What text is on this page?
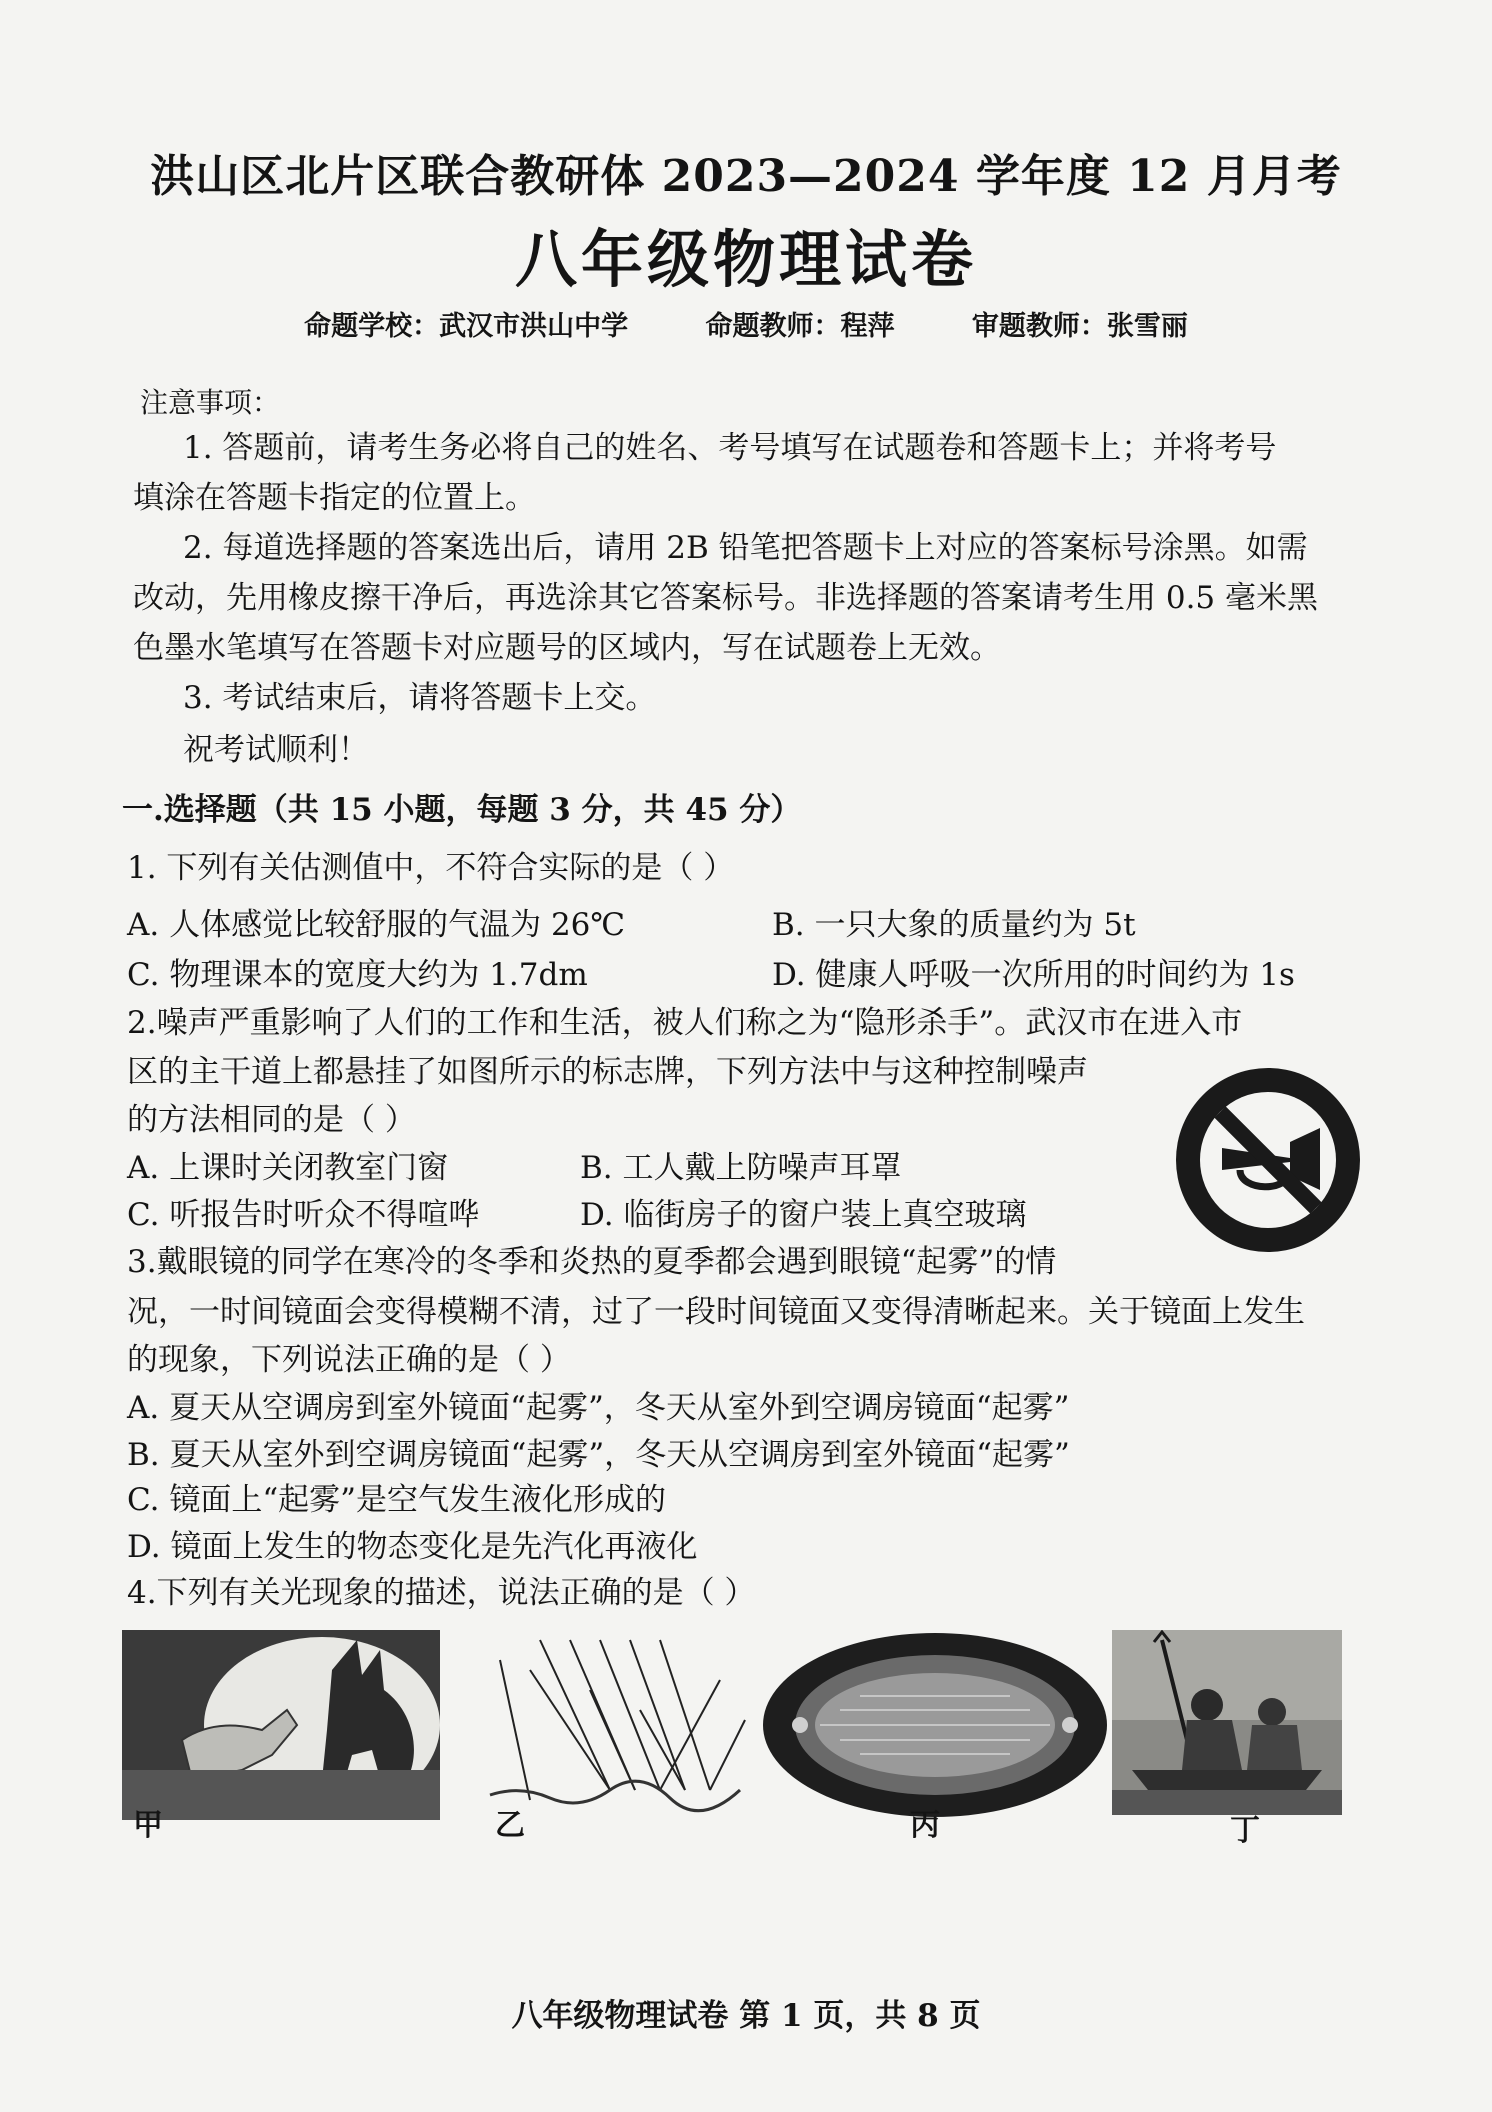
洪山区北片区联合教研体 2023—2024 学年度 12 月月考
八年级物理试卷
命题学校：武汉市洪山中学	命题教师：程萍	审题教师：张雪丽
注意事项：
1. 答题前，请考生务必将自己的姓名、考号填写在试题卷和答题卡上；并将考号
填涂在答题卡指定的位置上。
2. 每道选择题的答案选出后，请用 2B 铅笔把答题卡上对应的答案标号涂黑。如需
改动，先用橡皮擦干净后，再选涂其它答案标号。非选择题的答案请考生用 0.5 毫米黑
色墨水笔填写在答题卡对应题号的区域内，写在试题卷上无效。
3. 考试结束后，请将答题卡上交。
祝考试顺利！
一.选择题（共 15 小题，每题 3 分，共 45 分）
1. 下列有关估测值中，不符合实际的是（ ）
A. 人体感觉比较舒服的气温为 26℃	B. 一只大象的质量约为 5t
C. 物理课本的宽度大约为 1.7dm	D. 健康人呼吸一次所用的时间约为 1s
2.噪声严重影响了人们的工作和生活，被人们称之为“隐形杀手”。武汉市在进入市
区的主干道上都悬挂了如图所示的标志牌，下列方法中与这种控制噪声
的方法相同的是（ ）
A. 上课时关闭教室门窗	B. 工人戴上防噪声耳罩
C. 听报告时听众不得喧哗	D. 临街房子的窗户装上真空玻璃
3.戴眼镜的同学在寒冷的冬季和炎热的夏季都会遇到眼镜“起雾”的情
况，一时间镜面会变得模糊不清，过了一段时间镜面又变得清晰起来。关于镜面上发生
的现象，下列说法正确的是（ ）
A. 夏天从空调房到室外镜面“起雾”，冬天从室外到空调房镜面“起雾”
B. 夏天从室外到空调房镜面“起雾”，冬天从空调房到室外镜面“起雾”
C. 镜面上“起雾”是空气发生液化形成的
D. 镜面上发生的物态变化是先汽化再液化
4.下列有关光现象的描述，说法正确的是（ ）
甲	乙	丙	丁
八年级物理试卷 第 1 页，共 8 页
